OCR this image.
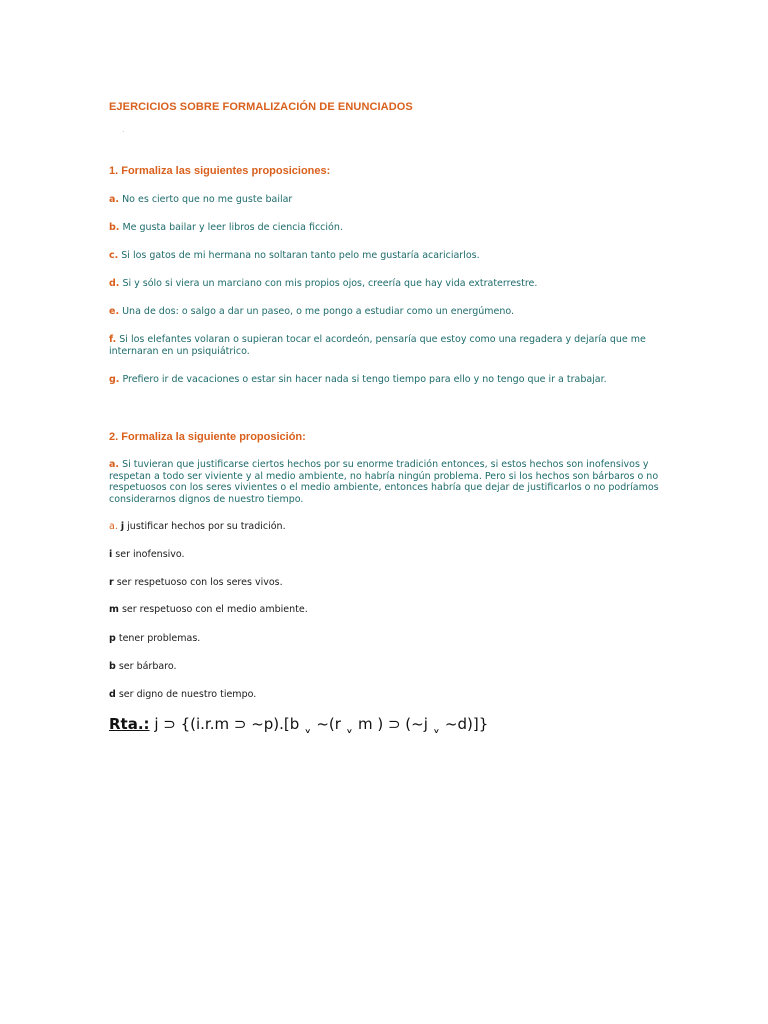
EJERCICIOS SOBRE FORMALIZACIÓN DE ENUNCIADOS
.
1. Formaliza las siguientes proposiciones:
a. No es cierto que no me guste bailar
b. Me gusta bailar y leer libros de ciencia ficción.
c. Si los gatos de mi hermana no soltaran tanto pelo me gustaría acariciarlos.
d. Si y sólo si viera un marciano con mis propios ojos, creería que hay vida extraterrestre.
e. Una de dos: o salgo a dar un paseo, o me pongo a estudiar como un energúmeno.
f. Si los elefantes volaran o supieran tocar el acordeón, pensaría que estoy como una regadera y dejaría que me internaran en un psiquiátrico.
g. Prefiero ir de vacaciones o estar sin hacer nada si tengo tiempo para ello y no tengo que ir a trabajar.
2. Formaliza la siguiente proposición:
a. Si tuvieran que justificarse ciertos hechos por su enorme tradición entonces, si estos hechos son inofensivos y respetan a todo ser viviente y al medio ambiente, no habría ningún problema. Pero si los hechos son bárbaros o no respetuosos con los seres vivientes o el medio ambiente, entonces habría que dejar de justificarlos o no podríamos considerarnos dignos de nuestro tiempo.
a. j justificar hechos por su tradición.
i ser inofensivo.
r ser respetuoso con los seres vivos.
m ser respetuoso con el medio ambiente.
p tener problemas.
b ser bárbaro.
d ser digno de nuestro tiempo.
Rta.: j ⊃ {(i.r.m ⊃ ~p).[b ˬ ~(r ˬ m ) ⊃ (~j ˬ ~d)]}
